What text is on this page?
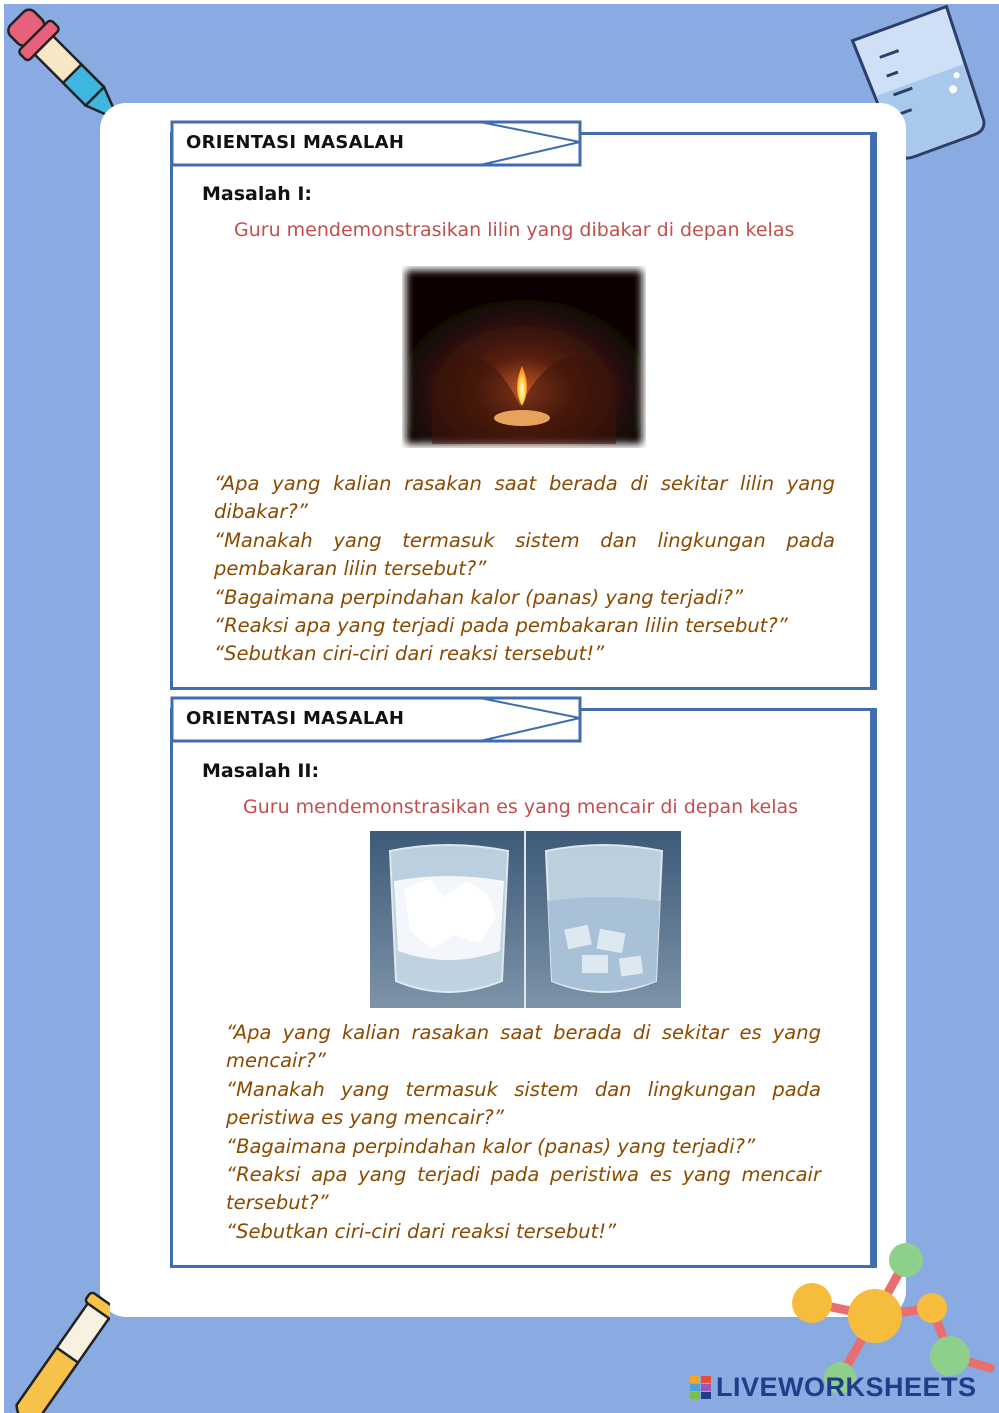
ORIENTASI MASALAH
Masalah I:
Guru mendemonstrasikan lilin yang dibakar di depan kelas
“Apa yang kalian rasakan saat berada di sekitar lilin yang dibakar?”
“Manakah yang termasuk sistem dan lingkungan pada pembakaran lilin tersebut?”
“Bagaimana perpindahan kalor (panas) yang terjadi?”
“Reaksi apa yang terjadi pada pembakaran lilin tersebut?”
“Sebutkan ciri-ciri dari reaksi tersebut!”
ORIENTASI MASALAH
Masalah II:
Guru mendemonstrasikan es yang mencair di depan kelas
“Apa yang kalian rasakan saat berada di sekitar es yang mencair?”
“Manakah yang termasuk sistem dan lingkungan pada peristiwa es yang mencair?”
“Bagaimana perpindahan kalor (panas) yang terjadi?”
“Reaksi apa yang terjadi pada peristiwa es yang mencair tersebut?”
“Sebutkan ciri-ciri dari reaksi tersebut!”
LIVEWORKSHEETS
